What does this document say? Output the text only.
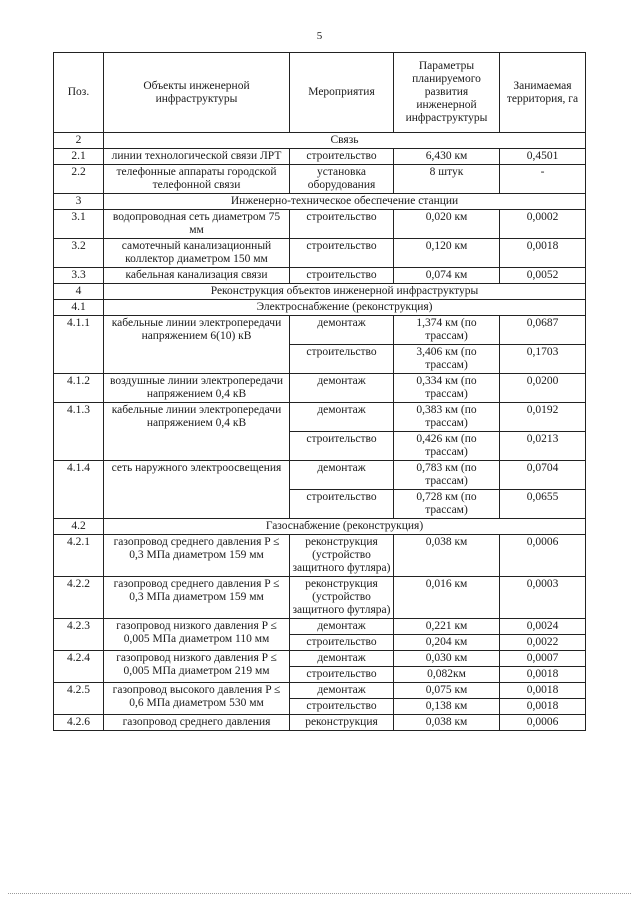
5
Поз.	Объекты инженерной инфраструктуры	Мероприятия	Параметры планируемого развития инженерной инфраструктуры	Занимаемая территория, га
2	Связь			
2.1	линии технологической связи ЛРТ	строительство	6,430 км	0,4501
2.2	телефонные аппараты городской телефонной связи	установка оборудования	8 штук	-
3	Инженерно-техническое обеспечение станции			
3.1	водопроводная сеть диаметром 75 мм	строительство	0,020 км	0,0002
3.2	самотечный канализационный коллектор диаметром 150 мм	строительство	0,120 км	0,0018
3.3	кабельная канализация связи	строительство	0,074 км	0,0052
4	Реконструкция объектов инженерной инфраструктуры			
4.1	Электроснабжение (реконструкция)			
4.1.1	кабельные линии электропередачи напряжением 6(10) кВ	демонтаж	1,374 км (по трассам)	0,0687
		строительство	3,406 км (по трассам)	0,1703
4.1.2	воздушные линии электропередачи напряжением 0,4 кВ	демонтаж	0,334 км (по трассам)	0,0200
4.1.3	кабельные линии электропередачи напряжением 0,4 кВ	демонтаж	0,383 км (по трассам)	0,0192
		строительство	0,426 км (по трассам)	0,0213
4.1.4	сеть наружного электроосвещения	демонтаж	0,783 км (по трассам)	0,0704
		строительство	0,728 км (по трассам)	0,0655
4.2	Газоснабжение (реконструкция)			
4.2.1	газопровод среднего давления P ≤ 0,3 МПа диаметром 159 мм	реконструкция (устройство защитного футляра)	0,038 км	0,0006
4.2.2	газопровод среднего давления P ≤ 0,3 МПа диаметром 159 мм	реконструкция (устройство защитного футляра)	0,016 км	0,0003
4.2.3	газопровод низкого давления P ≤ 0,005 МПа диаметром 110 мм	демонтаж	0,221 км	0,0024
		строительство	0,204 км	0,0022
4.2.4	газопровод низкого давления P ≤ 0,005 МПа диаметром 219 мм	демонтаж	0,030 км	0,0007
		строительство	0,082км	0,0018
4.2.5	газопровод высокого давления P ≤ 0,6 МПа диаметром 530 мм	демонтаж	0,075 км	0,0018
		строительство	0,138 км	0,0018
4.2.6	газопровод среднего давления	реконструкция	0,038 км	0,0006
